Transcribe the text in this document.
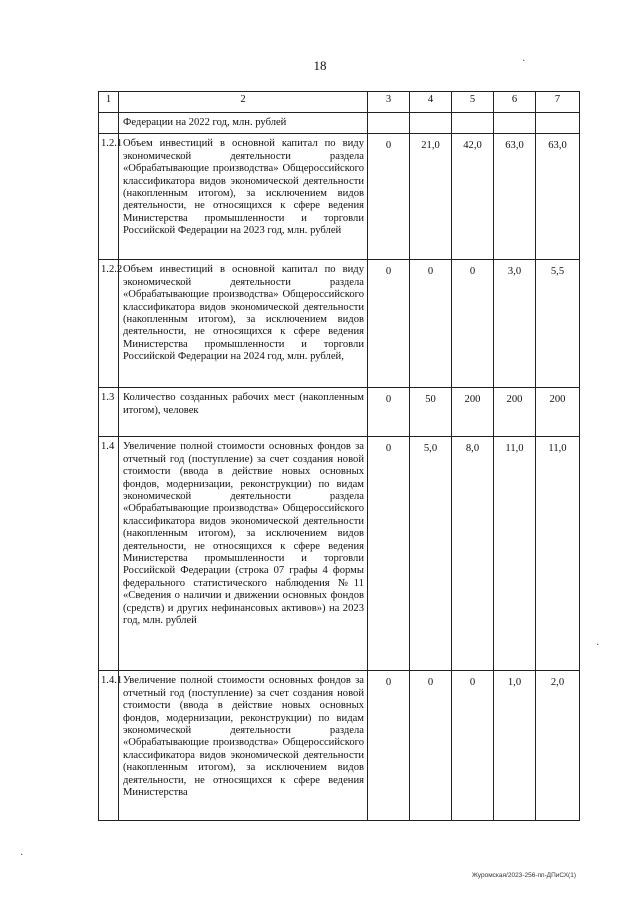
18
1	2	3	4	5	6	7
	Федерации на 2022 год, млн. рублей					
1.2.1	Объем инвестиций в основной капитал по виду экономической деятельности раздела «Обрабатывающие производства» Общероссийского классификатора видов экономической деятельности (накопленным итогом), за исключением видов деятельности, не относящихся к сфере ведения Министерства промышленности и торговли Российской Федерации на 2023 год, млн. рублей	0	21,0	42,0	63,0	63,0
1.2.2	Объем инвестиций в основной капитал по виду экономической деятельности раздела «Обрабатывающие производства» Общероссийского классификатора видов экономической деятельности (накопленным итогом), за исключением видов деятельности, не относящихся к сфере ведения Министерства промышленности и торговли Российской Федерации на 2024 год, млн. рублей,	0	0	0	3,0	5,5
1.3	Количество созданных рабочих мест (накопленным итогом), человек	0	50	200	200	200
1.4	Увеличение полной стоимости основных фондов за отчетный год (поступление) за счет создания новой стоимости (ввода в действие новых основных фондов, модернизации, реконструкции) по видам экономической деятельности раздела «Обрабатывающие производства» Общероссийского классификатора видов экономической деятельности (накопленным итогом), за исключением видов деятельности, не относящихся к сфере ведения Министерства промышленности и торговли Российской Федерации (строка 07 графы 4 формы федерального статистического наблюдения №11 «Сведения о наличии и движении основных фондов (средств) и других нефинансовых активов») на 2023 год, млн. рублей	0	5,0	8,0	11,0	11,0
1.4.1	Увеличение полной стоимости основных фондов за отчетный год (поступление) за счет создания новой стоимости (ввода в действие новых основных фондов, модернизации, реконструкции) по видам экономической деятельности раздела «Обрабатывающие производства» Общероссийского классификатора видов экономической деятельности (накопленным итогом), за исключением видов деятельности, не относящихся к сфере ведения Министерства	0	0	0	1,0	2,0
·
·
·
Журомская/2023-256-пп-ДПиСХ(1)
